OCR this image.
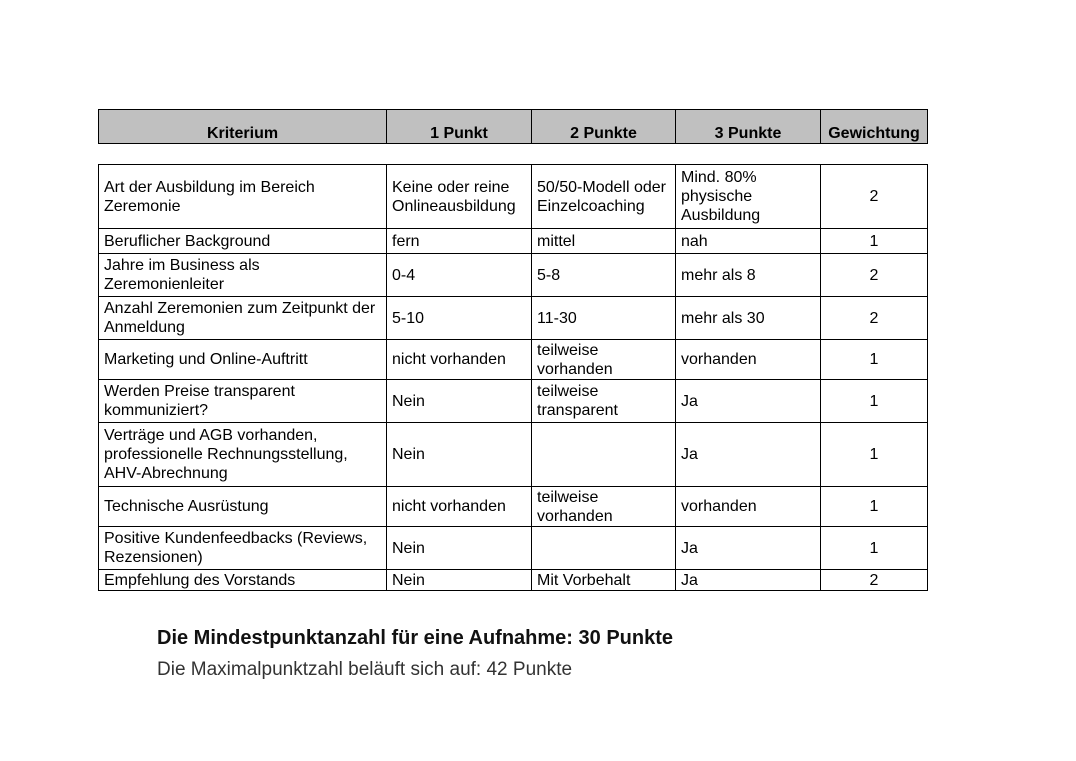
Kriterium	1 Punkt	2 Punkte	3 Punkte	Gewichtung
Art der Ausbildung im Bereich Zeremonie	Keine oder reine Onlineausbildung	50/50-Modell oder Einzelcoaching	Mind. 80% physische Ausbildung	2
Beruflicher Background	fern	mittel	nah	1
Jahre im Business als Zeremonienleiter	0-4	5-8	mehr als 8	2
Anzahl Zeremonien zum Zeitpunkt der Anmeldung	5-10	11-30	mehr als 30	2
Marketing und Online-Auftritt	nicht vorhanden	teilweise vorhanden	vorhanden	1
Werden Preise transparent kommuniziert?	Nein	teilweise transparent	Ja	1
Verträge und AGB vorhanden, professionelle Rechnungsstellung, AHV-Abrechnung	Nein		Ja	1
Technische Ausrüstung	nicht vorhanden	teilweise vorhanden	vorhanden	1
Positive Kundenfeedbacks (Reviews, Rezensionen)	Nein		Ja	1
Empfehlung des Vorstands	Nein	Mit Vorbehalt	Ja	2

Die Mindestpunktanzahl für eine Aufnahme: 30 Punkte

Die Maximalpunktzahl beläuft sich auf: 42 Punkte
